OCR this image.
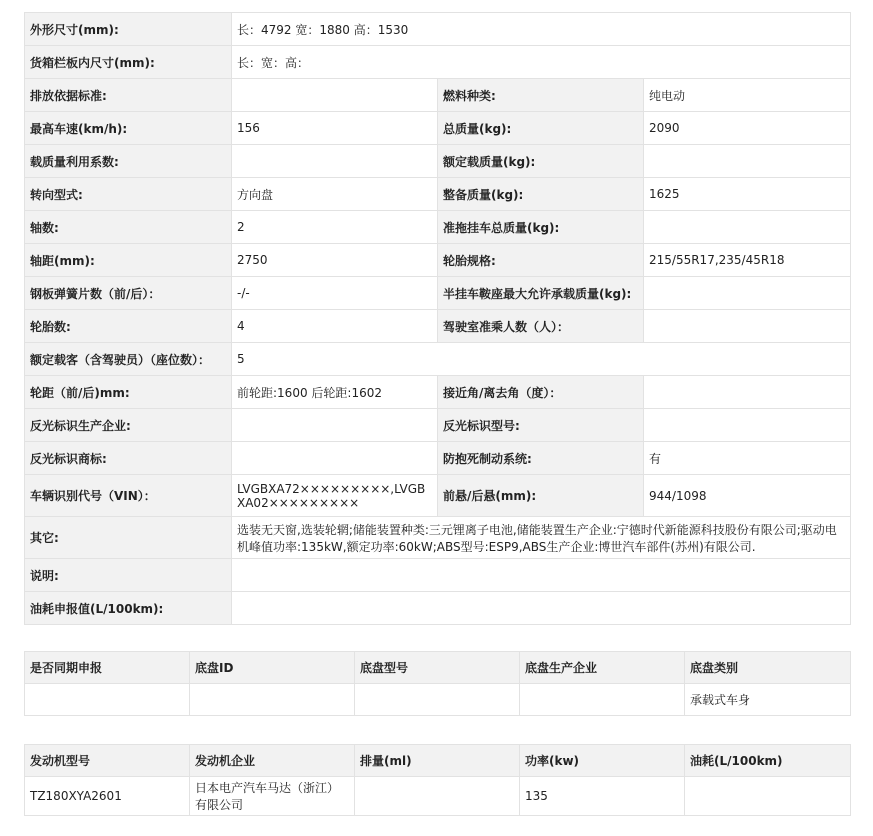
外形尺寸(mm):	长：4792 宽：1880 高：1530		
货箱栏板内尺寸(mm):	长：宽：高：		
排放依据标准:		燃料种类:	纯电动
最高车速(km/h):	156	总质量(kg):	2090
载质量利用系数:		额定载质量(kg):	
转向型式:	方向盘	整备质量(kg):	1625
轴数:	2	准拖挂车总质量(kg):	
轴距(mm):	2750	轮胎规格:	215/55R17,235/45R18
钢板弹簧片数（前/后）：	-/-	半挂车鞍座最大允许承载质量(kg):	
轮胎数:	4	驾驶室准乘人数（人）：	
额定载客（含驾驶员）（座位数）：	5		
轮距（前/后)mm:	前轮距:1600 后轮距:1602	接近角/离去角（度）：	
反光标识生产企业:		反光标识型号:	
反光标识商标:		防抱死制动系统:	有
车辆识别代号（VIN）：	LVGBXA72×××××××××,LVGBXA02×××××××××	前悬/后悬(mm):	944/1098
其它:	选装无天窗,选装轮辋;储能装置种类:三元锂离子电池,储能装置生产企业:宁德时代新能源科技股份有限公司;驱动电机峰值功率:135kW,额定功率:60kW;ABS型号:ESP9,ABS生产企业:博世汽车部件(苏州)有限公司.		
说明:			
油耗申报值(L/100km):			
是否同期申报	底盘ID	底盘型号	底盘生产企业	底盘类别
				承载式车身
发动机型号	发动机企业	排量(ml)	功率(kw)	油耗(L/100km)
TZ180XYA2601	日本电产汽车马达（浙江）有限公司		135	
